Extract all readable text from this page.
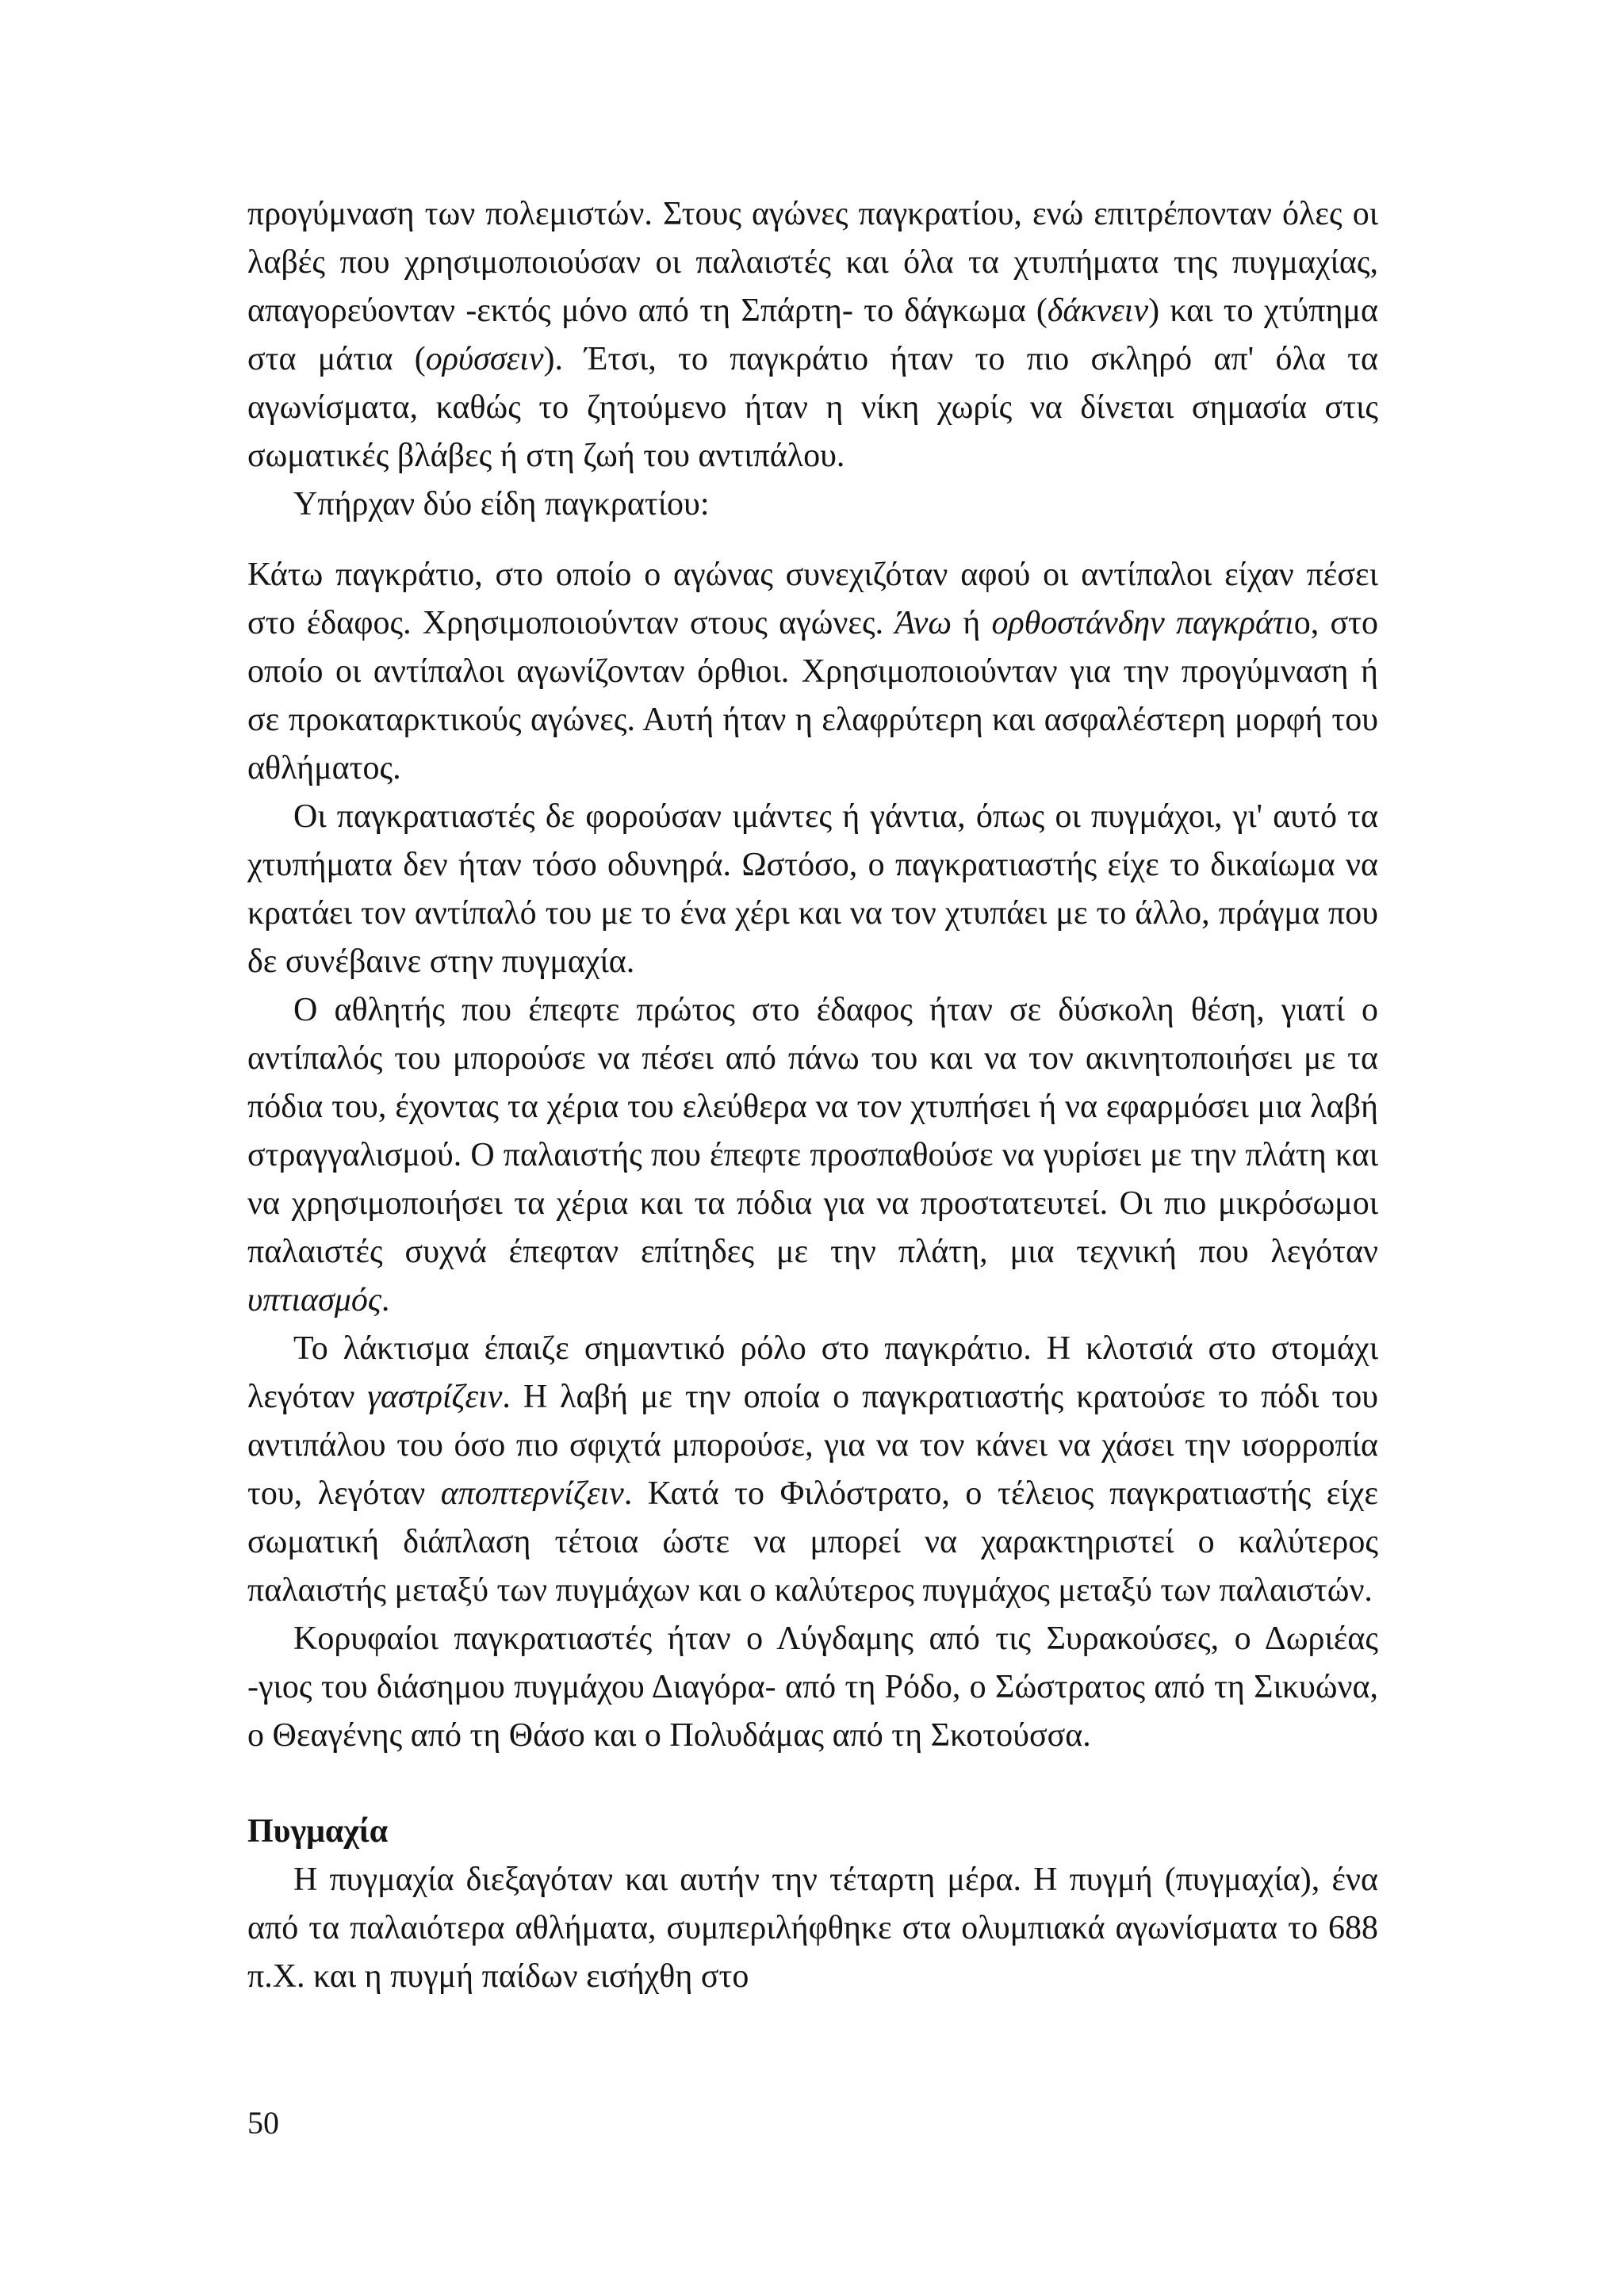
προγύμναση των πολεμιστών. Στους αγώνες παγκρατίου, ενώ επιτρέπονταν όλες οι λαβές που χρησιμοποιούσαν οι παλαιστές και όλα τα χτυπήματα της πυγμαχίας, απαγορεύονταν -εκτός μόνο από τη Σπάρτη- το δάγκωμα (δάκνειν) και το χτύπημα στα μάτια (ορύσσειν). Έτσι, το παγκράτιο ήταν το πιο σκληρό απ' όλα τα αγωνίσματα, καθώς το ζητούμενο ήταν η νίκη χωρίς να δίνεται σημασία στις σωματικές βλάβες ή στη ζωή του αντιπάλου.

Υπήρχαν δύο είδη παγκρατίου:

Κάτω παγκράτιο, στο οποίο ο αγώνας συνεχιζόταν αφού οι αντίπαλοι είχαν πέσει στο έδαφος. Χρησιμοποιούνταν στους αγώνες. Άνω ή ορθοστάνδην παγκράτιο, στο οποίο οι αντίπαλοι αγωνίζονταν όρθιοι. Χρησιμοποιούνταν για την προγύμναση ή σε προκαταρκτικούς αγώνες. Αυτή ήταν η ελαφρύτερη και ασφαλέστερη μορφή του αθλήματος.

Οι παγκρατιαστές δε φορούσαν ιμάντες ή γάντια, όπως οι πυγμάχοι, γι' αυτό τα χτυπήματα δεν ήταν τόσο οδυνηρά. Ωστόσο, ο παγκρατιαστής είχε το δικαίωμα να κρατάει τον αντίπαλό του με το ένα χέρι και να τον χτυπάει με το άλλο, πράγμα που δε συνέβαινε στην πυγμαχία.

Ο αθλητής που έπεφτε πρώτος στο έδαφος ήταν σε δύσκολη θέση, γιατί ο αντίπαλός του μπορούσε να πέσει από πάνω του και να τον ακινητοποιήσει με τα πόδια του, έχοντας τα χέρια του ελεύθερα να τον χτυπήσει ή να εφαρμόσει μια λαβή στραγγαλισμού. Ο παλαιστής που έπεφτε προσπαθούσε να γυρίσει με την πλάτη και να χρησιμοποιήσει τα χέρια και τα πόδια για να προστατευτεί. Οι πιο μικρόσωμοι παλαιστές συχνά έπεφταν επίτηδες με την πλάτη, μια τεχνική που λεγόταν υπτιασμός.

Το λάκτισμα έπαιζε σημαντικό ρόλο στο παγκράτιο. Η κλοτσιά στο στομάχι λεγόταν γαστρίζειν. Η λαβή με την οποία ο παγκρατιαστής κρατούσε το πόδι του αντιπάλου του όσο πιο σφιχτά μπορούσε, για να τον κάνει να χάσει την ισορροπία του, λεγόταν αποπτερνίζειν. Κατά το Φιλόστρατο, ο τέλειος παγκρατιαστής είχε σωματική διάπλαση τέτοια ώστε να μπορεί να χαρακτηριστεί ο καλύτερος παλαιστής μεταξύ των πυγμάχων και ο καλύτερος πυγμάχος μεταξύ των παλαιστών.

Κορυφαίοι παγκρατιαστές ήταν ο Λύγδαμης από τις Συρακούσες, ο Δωριέας -γιος του διάσημου πυγμάχου Διαγόρα- από τη Ρόδο, ο Σώστρατος από τη Σικυώνα, ο Θεαγένης από τη Θάσο και ο Πολυδάμας από τη Σκοτούσσα.

Πυγμαχία

Η πυγμαχία διεξαγόταν και αυτήν την τέταρτη μέρα. Η πυγμή (πυγμαχία), ένα από τα παλαιότερα αθλήματα, συμπεριλήφθηκε στα ολυμπιακά αγωνίσματα το 688 π.Χ. και η πυγμή παίδων εισήχθη στο

50
